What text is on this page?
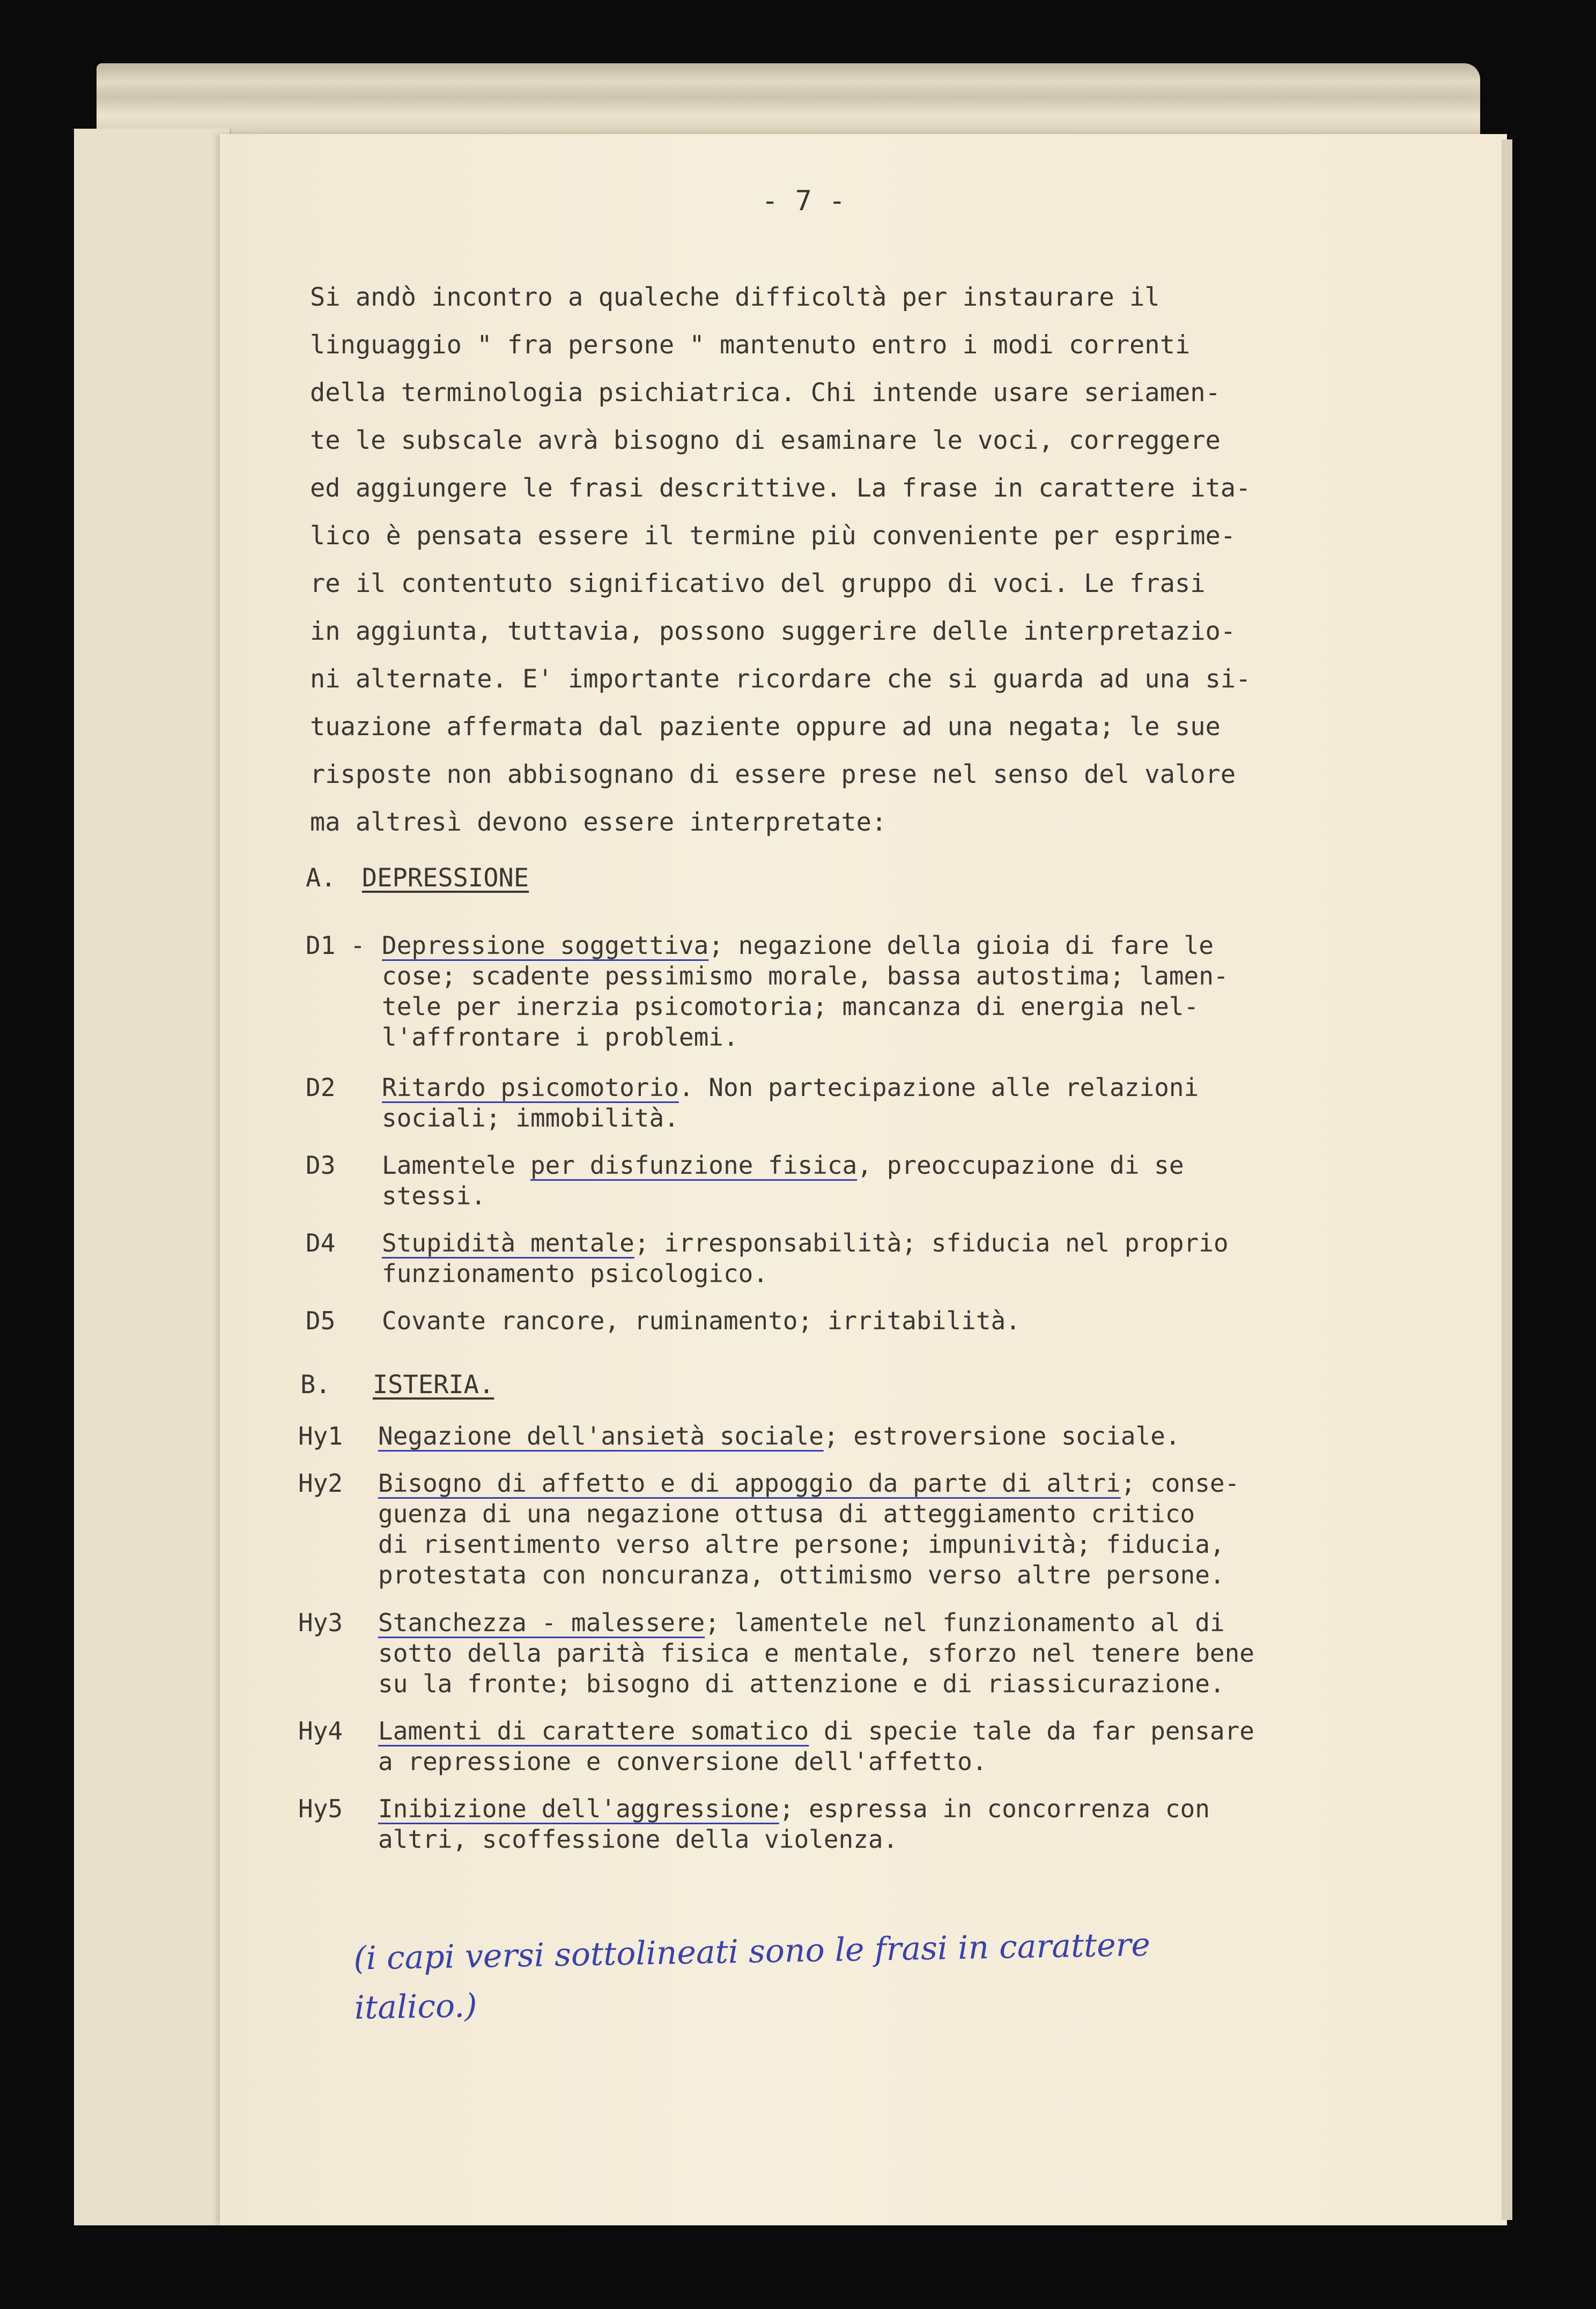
- 7 -
Si andò incontro a qualeche difficoltà per instaurare il
linguaggio " fra persone " mantenuto entro i modi correnti
della terminologia psichiatrica. Chi intende usare seriamen-
te le subscale avrà bisogno di esaminare le voci, correggere
ed aggiungere le frasi descrittive. La frase in carattere ita-
lico è pensata essere il termine più conveniente per esprime-
re il contentuto significativo del gruppo di voci. Le frasi
in aggiunta, tuttavia, possono suggerire delle interpretazio-
ni alternate. E' importante ricordare che si guarda ad una si-
tuazione affermata dal paziente oppure ad una negata; le sue
risposte non abbisognano di essere prese nel senso del valore
ma altresì devono essere interpretate:
A. DEPRESSIONE
D1 - Depressione soggettiva; negazione della gioia di fare le
cose; scadente pessimismo morale, bassa autostima; lamen-
tele per inerzia psicomotoria; mancanza di energia nel-
l'affrontare i problemi.
D2 Ritardo psicomotorio. Non partecipazione alle relazioni
sociali; immobilità.
D3 Lamentele per disfunzione fisica, preoccupazione di se
stessi.
D4 Stupidità mentale; irresponsabilità; sfiducia nel proprio
funzionamento psicologico.
D5 Covante rancore, ruminamento; irritabilità.
B. ISTERIA.
Hy1 Negazione dell'ansietà sociale; estroversione sociale.
Hy2 Bisogno di affetto e di appoggio da parte di altri; conse-
guenza di una negazione ottusa di atteggiamento critico
di risentimento verso altre persone; impunività; fiducia,
protestata con noncuranza, ottimismo verso altre persone.
Hy3 Stanchezza - malessere; lamentele nel funzionamento al di
sotto della parità fisica e mentale, sforzo nel tenere bene
su la fronte; bisogno di attenzione e di riassicurazione.
Hy4 Lamenti di carattere somatico di specie tale da far pensare
a repressione e conversione dell'affetto.
Hy5 Inibizione dell'aggressione; espressa in concorrenza con
altri, scoffessione della violenza.
(i capi versi sottolineati sono le frasi in carattere
italico.)
